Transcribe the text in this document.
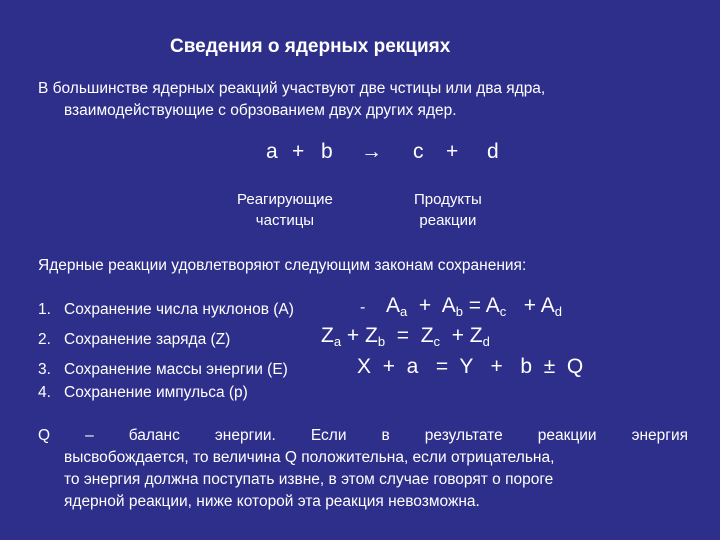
Сведения о ядерных рекциях
В большинстве ядерных реакций участвуют две чстицы или два ядра,
взаимодействующие с обрзованием двух других ядер.
a + b → c + d
Реагирующие
частицы
Продукты
реакции
Ядерные реакции удовлетворяют следующим законам сохранения:
1. Сохранение числа нуклонов (A)
2. Сохранение заряда (Z)
3. Сохранение массы энергии (E)
4. Сохранение импульса (p)
- $A_a + A_b = A_c + A_d$
$Z_a + Z_b = Z_c + Z_d$
X + a = Y + b ± Q
Q – баланс энергии. Если в результате реакции энергия
высвобождается, то величина Q положительна, если отрицательна,
то энергия должна поступать извне, в этом случае говорят о пороге
ядерной реакции, ниже которой эта реакция невозможна.
